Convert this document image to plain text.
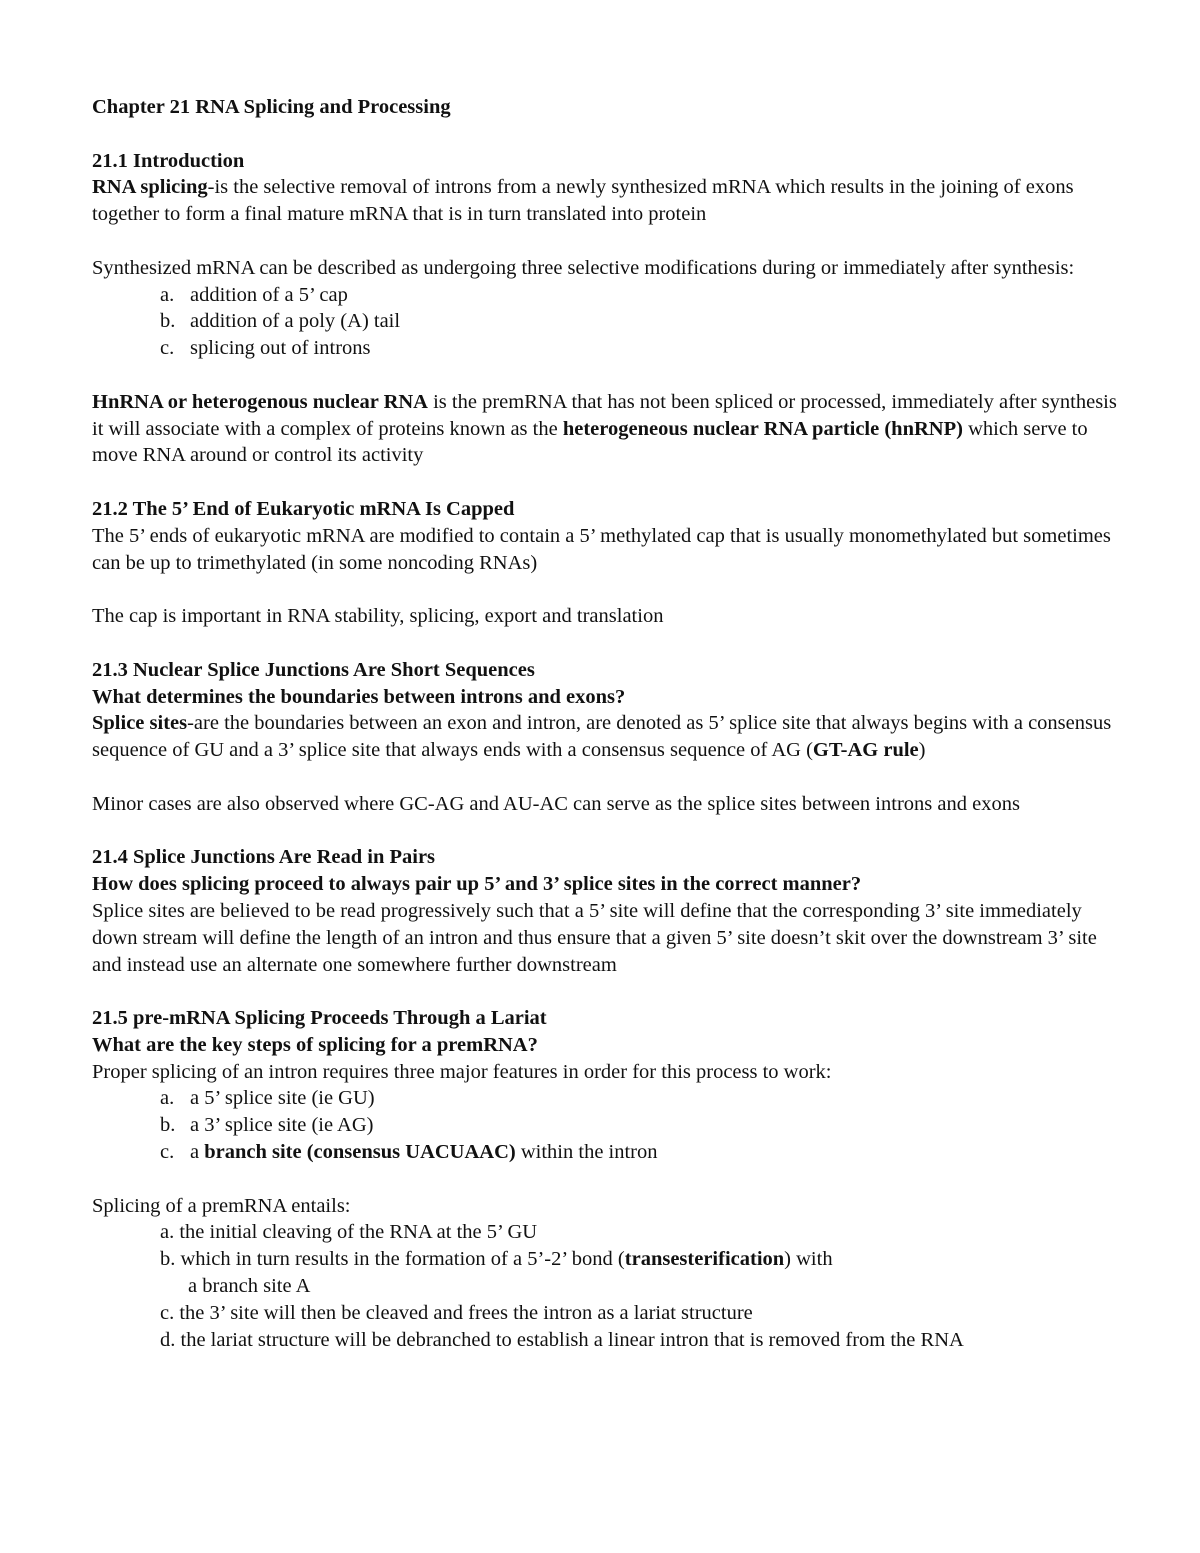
Chapter 21 RNA Splicing and Processing

21.1 Introduction

RNA splicing-is the selective removal of introns from a newly synthesized mRNA which results in the joining of exons together to form a final mature mRNA that is in turn translated into protein

Synthesized mRNA can be described as undergoing three selective modifications during or immediately after synthesis:

a. addition of a 5’ cap
b. addition of a poly (A) tail
c. splicing out of introns

HnRNA or heterogenous nuclear RNA is the premRNA that has not been spliced or processed, immediately after synthesis it will associate with a complex of proteins known as the heterogeneous nuclear RNA particle (hnRNP) which serve to move RNA around or control its activity

21.2 The 5’ End of Eukaryotic mRNA Is Capped

The 5’ ends of eukaryotic mRNA are modified to contain a 5’ methylated cap that is usually monomethylated but sometimes can be up to trimethylated (in some noncoding RNAs)

The cap is important in RNA stability, splicing, export and translation

21.3 Nuclear Splice Junctions Are Short Sequences

What determines the boundaries between introns and exons?

Splice sites-are the boundaries between an exon and intron, are denoted as 5’ splice site that always begins with a consensus sequence of GU and a 3’ splice site that always ends with a consensus sequence of AG (GT-AG rule)

Minor cases are also observed where GC-AG and AU-AC can serve as the splice sites between introns and exons

21.4 Splice Junctions Are Read in Pairs

How does splicing proceed to always pair up 5’ and 3’ splice sites in the correct manner?

Splice sites are believed to be read progressively such that a 5’ site will define that the corresponding 3’ site immediately down stream will define the length of an intron and thus ensure that a given 5’ site doesn’t skit over the downstream 3’ site and instead use an alternate one somewhere further downstream

21.5 pre-mRNA Splicing Proceeds Through a Lariat

What are the key steps of splicing for a premRNA?

Proper splicing of an intron requires three major features in order for this process to work:

a. a 5’ splice site (ie GU)
b. a 3’ splice site (ie AG)
c. a branch site (consensus UACUAAC) within the intron

Splicing of a premRNA entails:

a. the initial cleaving of the RNA at the 5’ GU

b. which in turn results in the formation of a 5’-2’ bond (transesterification) with

a branch site A

c. the 3’ site will then be cleaved and frees the intron as a lariat structure

d. the lariat structure will be debranched to establish a linear intron that is removed from the RNA
